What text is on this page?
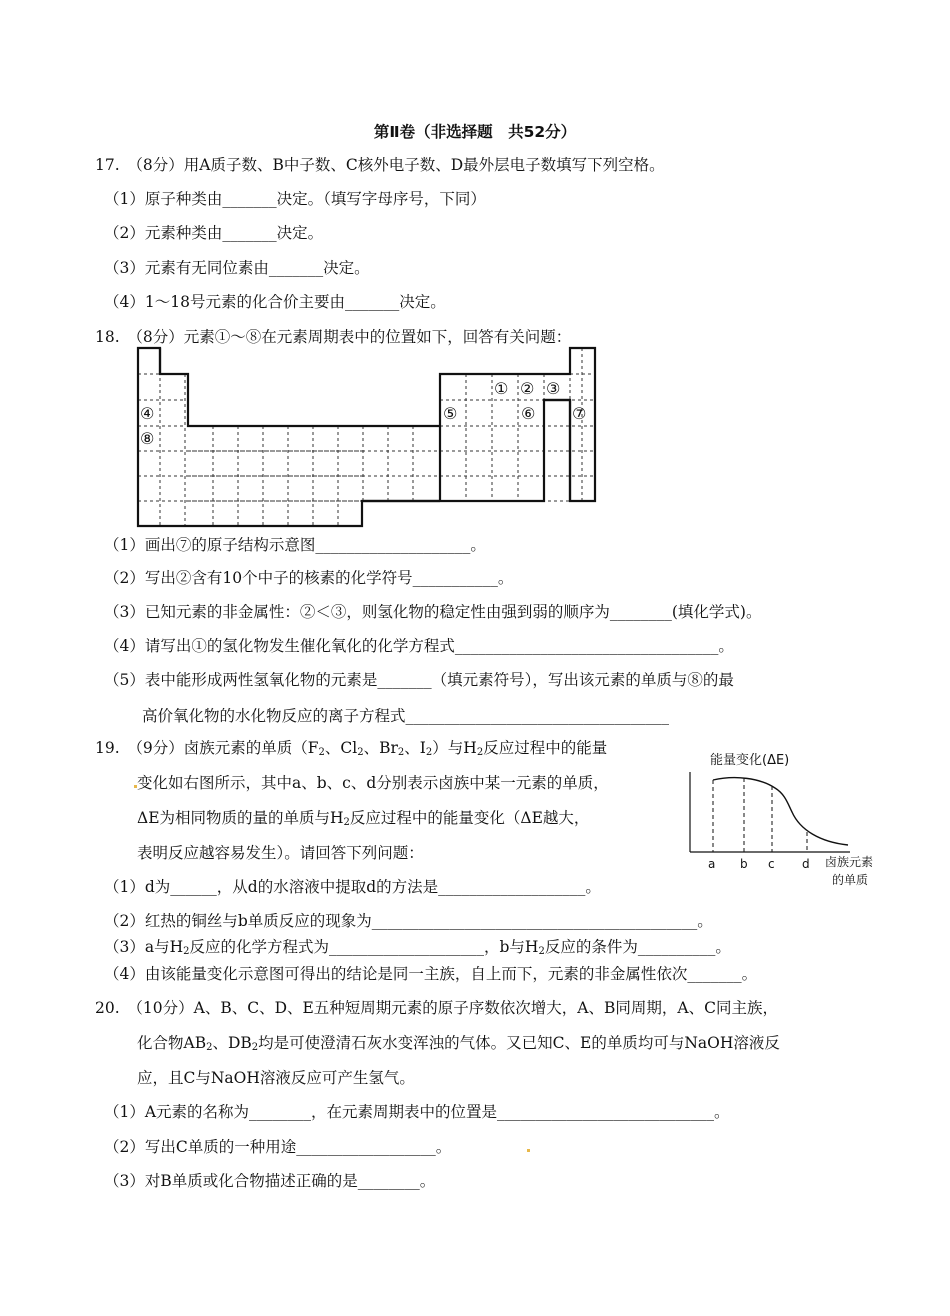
第Ⅱ卷（非选择题　共52分）
17.　（8分）用A质子数、B中子数、C核外电子数、D最外层电子数填写下列空格。
（1）原子种类由_______决定。（填写字母序号，下同）
（2）元素种类由_______决定。
（3）元素有无同位素由_______决定。
（4）1～18号元素的化合价主要由_______决定。
18.　（8分）元素①～⑧在元素周期表中的位置如下，回答有关问题：
① ② ③
④	⑤	⑥ ⑦
⑧
（1）画出⑦的原子结构示意图____________________。
（2）写出②含有10个中子的核素的化学符号___________。
（3）已知元素的非金属性：②＜③，则氢化物的稳定性由强到弱的顺序为________(填化学式)。
（4）请写出①的氢化物发生催化氧化的化学方程式__________________________________。
（5）表中能形成两性氢氧化物的元素是_______（填元素符号），写出该元素的单质与⑧的最
高价氧化物的水化物反应的离子方程式__________________________________
19.　（9分）卤族元素的单质（$F_2$、$Cl_2$、$Br_2$、$I_2$）与$H_2$反应过程中的能量
变化如右图所示，其中a、b、c、d分别表示卤族中某一元素的单质，
ΔE为相同物质的量的单质与$H_2$反应过程中的能量变化（ΔE越大，
表明反应越容易发生）。请回答下列问题：
能量变化(ΔE)
a b c d 卤族元素
的单质
（1）d为______，从d的水溶液中提取d的方法是___________________。
（2）红热的铜丝与b单质反应的现象为__________________________________________。
（3）a与$H_2$反应的化学方程式为____________________，b与$H_2$反应的条件为__________。
（4）由该能量变化示意图可得出的结论是同一主族，自上而下，元素的非金属性依次_______。
20.　（10分）A、B、C、D、E五种短周期元素的原子序数依次增大，A、B同周期，A、C同主族，
化合物$AB_2$、$DB_2$均是可使澄清石灰水变浑浊的气体。又已知C、E的单质均可与NaOH溶液反
应，且C与NaOH溶液反应可产生氢气。
（1）A元素的名称为________，在元素周期表中的位置是____________________________。
（2）写出C单质的一种用途__________________。
（3）对B单质或化合物描述正确的是________。
